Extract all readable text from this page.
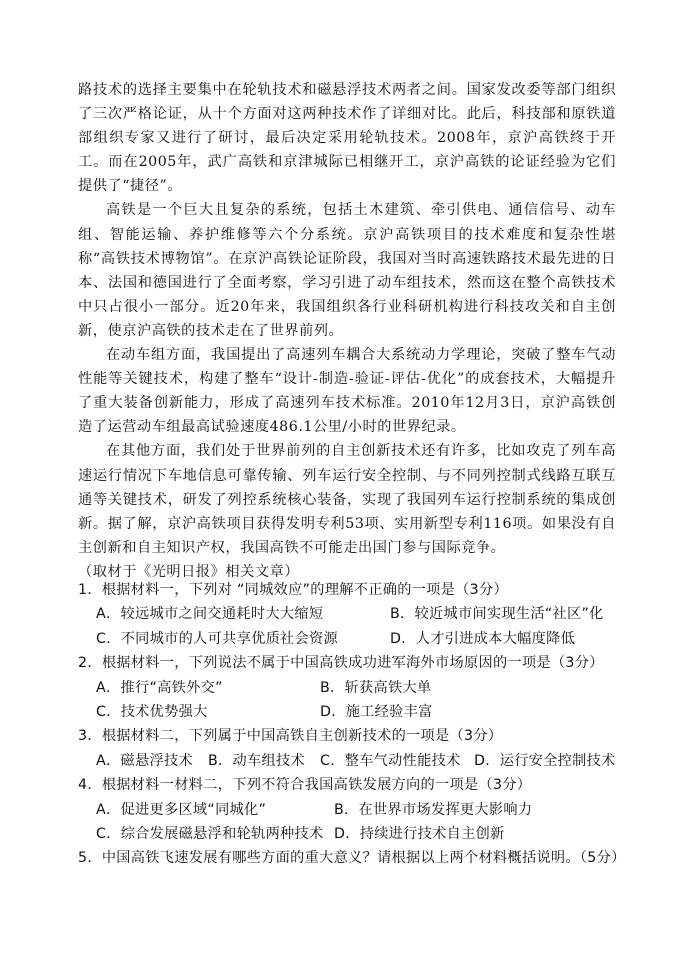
路技术的选择主要集中在轮轨技术和磁悬浮技术两者之间。国家发改委等部门组织了三次严格论证，从十个方面对这两种技术作了详细对比。此后，科技部和原铁道部组织专家又进行了研讨，最后决定采用轮轨技术。2008年，京沪高铁终于开工。而在2005年，武广高铁和京津城际已相继开工，京沪高铁的论证经验为它们提供了“捷径”。

高铁是一个巨大且复杂的系统，包括土木建筑、牵引供电、通信信号、动车组、智能运输、养护维修等六个分系统。京沪高铁项目的技术难度和复杂性堪称“高铁技术博物馆”。在京沪高铁论证阶段，我国对当时高速铁路技术最先进的日本、法国和德国进行了全面考察，学习引进了动车组技术，然而这在整个高铁技术中只占很小一部分。近20年来，我国组织各行业科研机构进行科技攻关和自主创新，使京沪高铁的技术走在了世界前列。

在动车组方面，我国提出了高速列车耦合大系统动力学理论，突破了整车气动性能等关键技术，构建了整车“设计-制造-验证-评估-优化”的成套技术，大幅提升了重大装备创新能力，形成了高速列车技术标准。2010年12月3日，京沪高铁创造了运营动车组最高试验速度486.1公里/小时的世界纪录。

在其他方面，我们处于世界前列的自主创新技术还有许多，比如攻克了列车高速运行情况下车地信息可靠传输、列车运行安全控制、与不同列控制式线路互联互通等关键技术，研发了列控系统核心装备，实现了我国列车运行控制系统的集成创新。据了解，京沪高铁项目获得发明专利53项、实用新型专利116项。如果没有自主创新和自主知识产权，我国高铁不可能走出国门参与国际竞争。

（取材于《光明日报》相关文章）

1．根据材料一，下列对 “同城效应”的理解不正确的一项是（3分）
A．较远城市之间交通耗时大大缩短	B．较近城市间实现生活“社区”化
C．不同城市的人可共享优质社会资源	D．人才引进成本大幅度降低
2．根据材料一，下列说法不属于中国高铁成功进军海外市场原因的一项是（3分）
A．推行“高铁外交”	B．斩获高铁大单
C．技术优势强大	D．施工经验丰富
3．根据材料二，下列属于中国高铁自主创新技术的一项是（3分）
A．磁悬浮技术 B．动车组技术 C．整车气动性能技术 D．运行安全控制技术
4．根据材料一材料二，下列不符合我国高铁发展方向的一项是（3分）
A．促进更多区域“同城化”	B．在世界市场发挥更大影响力
C．综合发展磁悬浮和轮轨两种技术 D．持续进行技术自主创新
5．中国高铁飞速发展有哪些方面的重大意义？请根据以上两个材料概括说明。（5分）
